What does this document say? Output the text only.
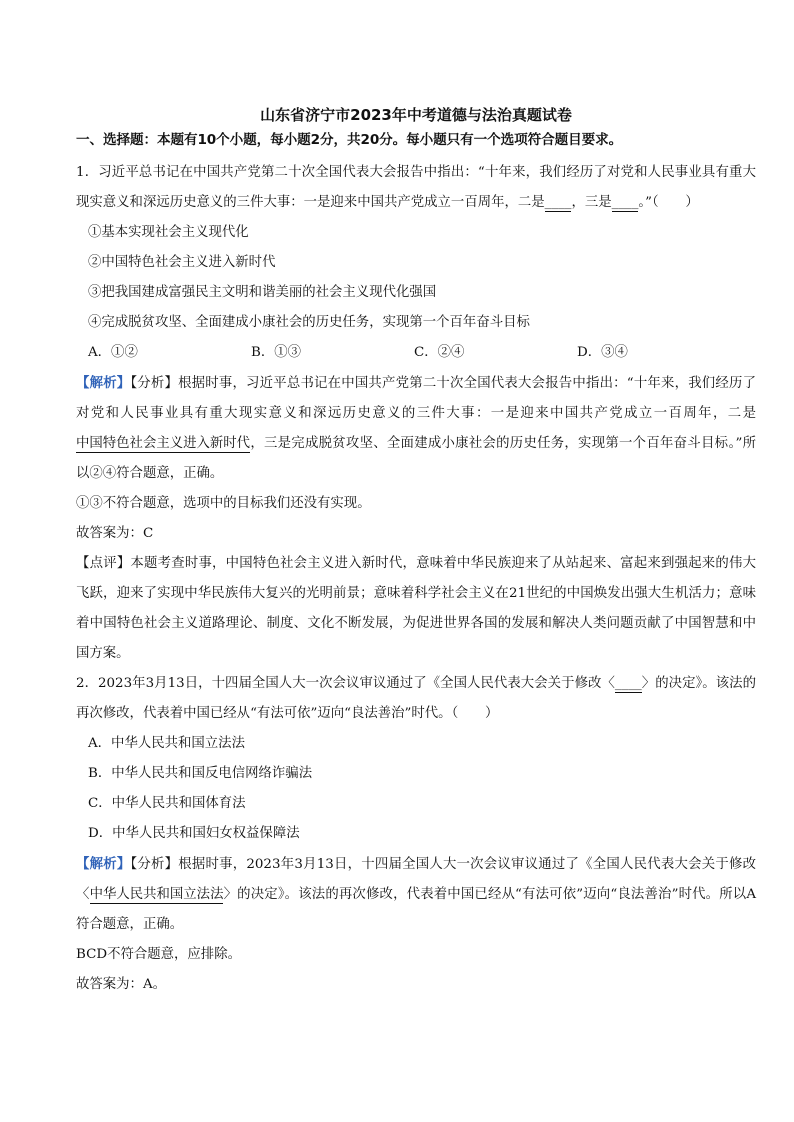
山东省济宁市2023年中考道德与法治真题试卷
一、选择题：本题有10个小题，每小题2分，共20分。每小题只有一个选项符合题目要求。

1．习近平总书记在中国共产党第二十次全国代表大会报告中指出：“十年来，我们经历了对党和人民事业具有重大现实意义和深远历史意义的三件大事：一是迎来中国共产党成立一百周年，二是____，三是____。”（　　）

①基本实现社会主义现代化

②中国特色社会主义进入新时代

③把我国建成富强民主文明和谐美丽的社会主义现代化强国

④完成脱贫攻坚、全面建成小康社会的历史任务，实现第一个百年奋斗目标

A．①②	B．①③	C．②④	D．③④

【解析】【分析】根据时事，习近平总书记在中国共产党第二十次全国代表大会报告中指出：“十年来，我们经历了对党和人民事业具有重大现实意义和深远历史意义的三件大事：一是迎来中国共产党成立一百周年，二是中国特色社会主义进入新时代，三是完成脱贫攻坚、全面建成小康社会的历史任务，实现第一个百年奋斗目标。”所以②④符合题意，正确。

①③不符合题意，选项中的目标我们还没有实现。

故答案为：C

【点评】本题考查时事，中国特色社会主义进入新时代，意味着中华民族迎来了从站起来、富起来到强起来的伟大飞跃，迎来了实现中华民族伟大复兴的光明前景；意味着科学社会主义在21世纪的中国焕发出强大生机活力；意味着中国特色社会主义道路理论、制度、文化不断发展，为促进世界各国的发展和解决人类问题贡献了中国智慧和中国方案。

2．2023年3月13日，十四届全国人大一次会议审议通过了《全国人民代表大会关于修改〈____〉的决定》。该法的再次修改，代表着中国已经从“有法可依”迈向“良法善治”时代。（　　）

A．中华人民共和国立法法

B．中华人民共和国反电信网络诈骗法

C．中华人民共和国体育法

D．中华人民共和国妇女权益保障法

【解析】【分析】根据时事，2023年3月13日，十四届全国人大一次会议审议通过了《全国人民代表大会关于修改〈中华人民共和国立法法〉的决定》。该法的再次修改，代表着中国已经从“有法可依”迈向“良法善治”时代。所以A符合题意，正确。

BCD不符合题意，应排除。

故答案为：A。
